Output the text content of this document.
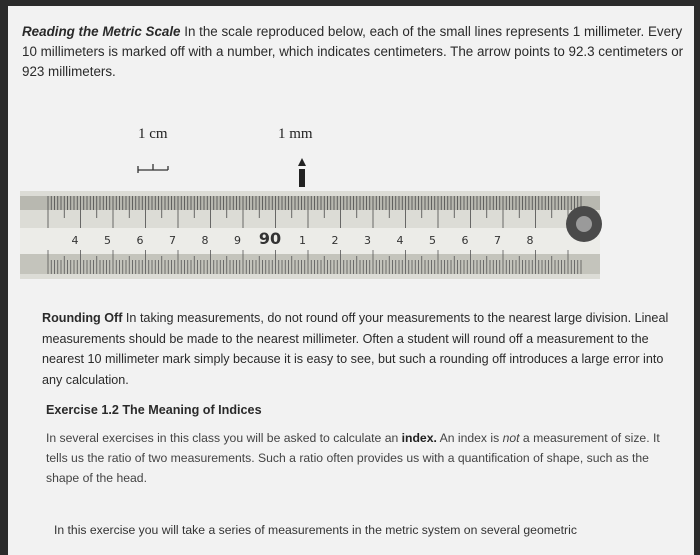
Reading the Metric Scale In the scale reproduced below, each of the small lines represents 1 millimeter. Every 10 millimeters is marked off with a number, which indicates centimeters. The arrow points to 92.3 centimeters or 923 millimeters.

1 cm	1 mm
4 5 6 7 8 9 90 1 2 3 4 5 6 7 8

Rounding Off In taking measurements, do not round off your measurements to the nearest large division. Lineal measurements should be made to the nearest millimeter. Often a student will round off a measurement to the nearest 10 millimeter mark simply because it is easy to see, but such a rounding off introduces a large error into any calculation.

Exercise 1.2 The Meaning of Indices

In several exercises in this class you will be asked to calculate an index. An index is not a measurement of size. It tells us the ratio of two measurements. Such a ratio often provides us with a quantification of shape, such as the shape of the head.

In this exercise you will take a series of measurements in the metric system on several geometric
